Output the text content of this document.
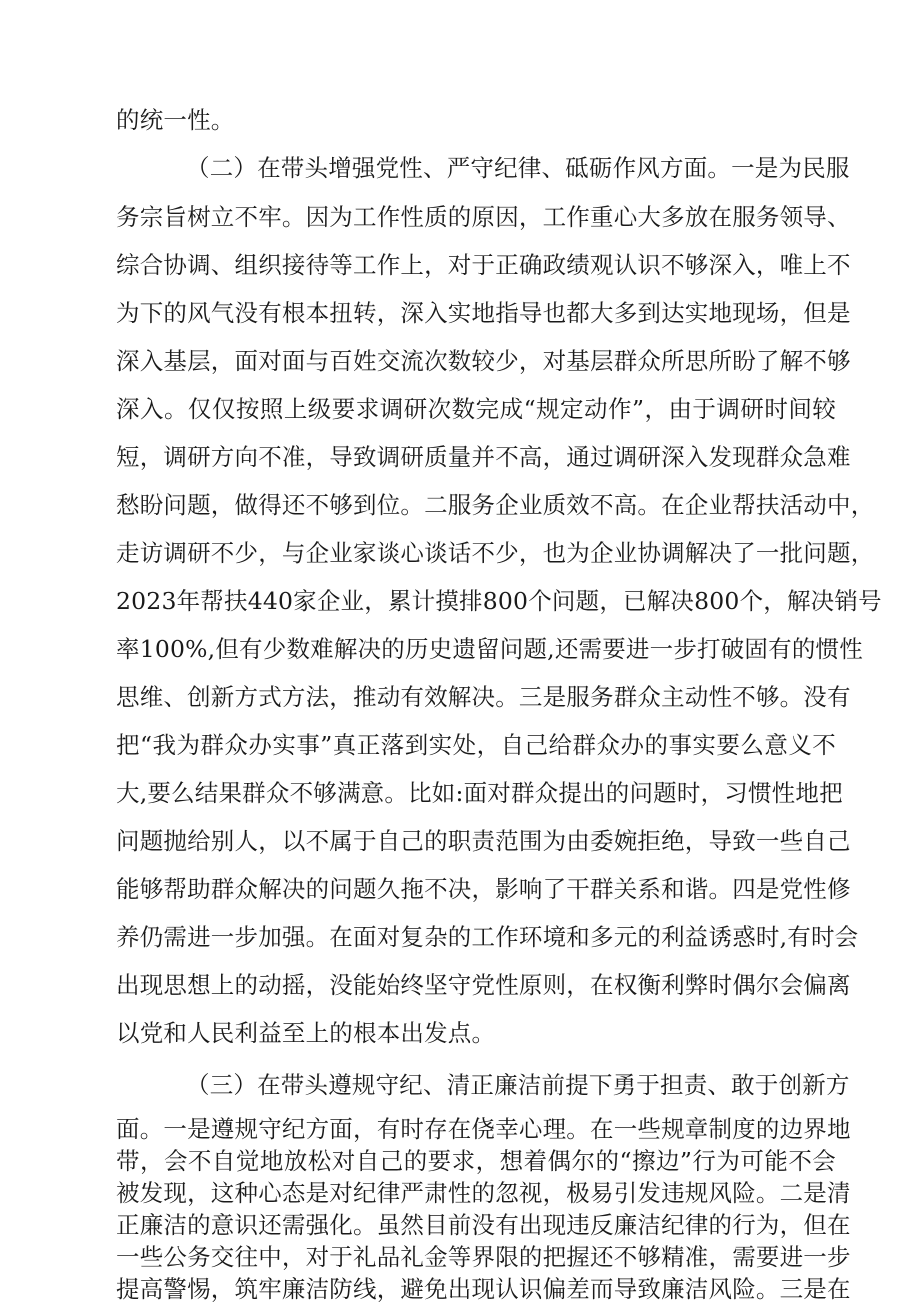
的统一性。
（二）在带头增强党性、严守纪律、砥砺作风方面。一是为民服
务宗旨树立不牢。因为工作性质的原因，工作重心大多放在服务领导、
综合协调、组织接待等工作上，对于正确政绩观认识不够深入，唯上不
为下的风气没有根本扭转，深入实地指导也都大多到达实地现场，但是
深入基层，面对面与百姓交流次数较少，对基层群众所思所盼了解不够
深入。仅仅按照上级要求调研次数完成“规定动作”，由于调研时间较
短，调研方向不准，导致调研质量并不高，通过调研深入发现群众急难
愁盼问题，做得还不够到位。二服务企业质效不高。在企业帮扶活动中，
走访调研不少，与企业家谈心谈话不少，也为企业协调解决了一批问题，
2023年帮扶440家企业，累计摸排800个问题，已解决800个，解决销号
率100%,但有少数难解决的历史遗留问题,还需要进一步打破固有的惯性
思维、创新方式方法，推动有效解决。三是服务群众主动性不够。没有
把“我为群众办实事”真正落到实处，自己给群众办的事实要么意义不
大,要么结果群众不够满意。比如:面对群众提出的问题时，习惯性地把
问题抛给别人，以不属于自己的职责范围为由委婉拒绝，导致一些自己
能够帮助群众解决的问题久拖不决，影响了干群关系和谐。四是党性修
养仍需进一步加强。在面对复杂的工作环境和多元的利益诱惑时,有时会
出现思想上的动摇，没能始终坚守党性原则，在权衡利弊时偶尔会偏离
以党和人民利益至上的根本出发点。
（三）在带头遵规守纪、清正廉洁前提下勇于担责、敢于创新方
面。一是遵规守纪方面，有时存在侥幸心理。在一些规章制度的边界地
带，会不自觉地放松对自己的要求，想着偶尔的“擦边”行为可能不会
被发现，这种心态是对纪律严肃性的忽视，极易引发违规风险。二是清
正廉洁的意识还需强化。虽然目前没有出现违反廉洁纪律的行为，但在
一些公务交往中，对于礼品礼金等界限的把握还不够精准，需要进一步
提高警惕，筑牢廉洁防线，避免出现认识偏差而导致廉洁风险。三是在
